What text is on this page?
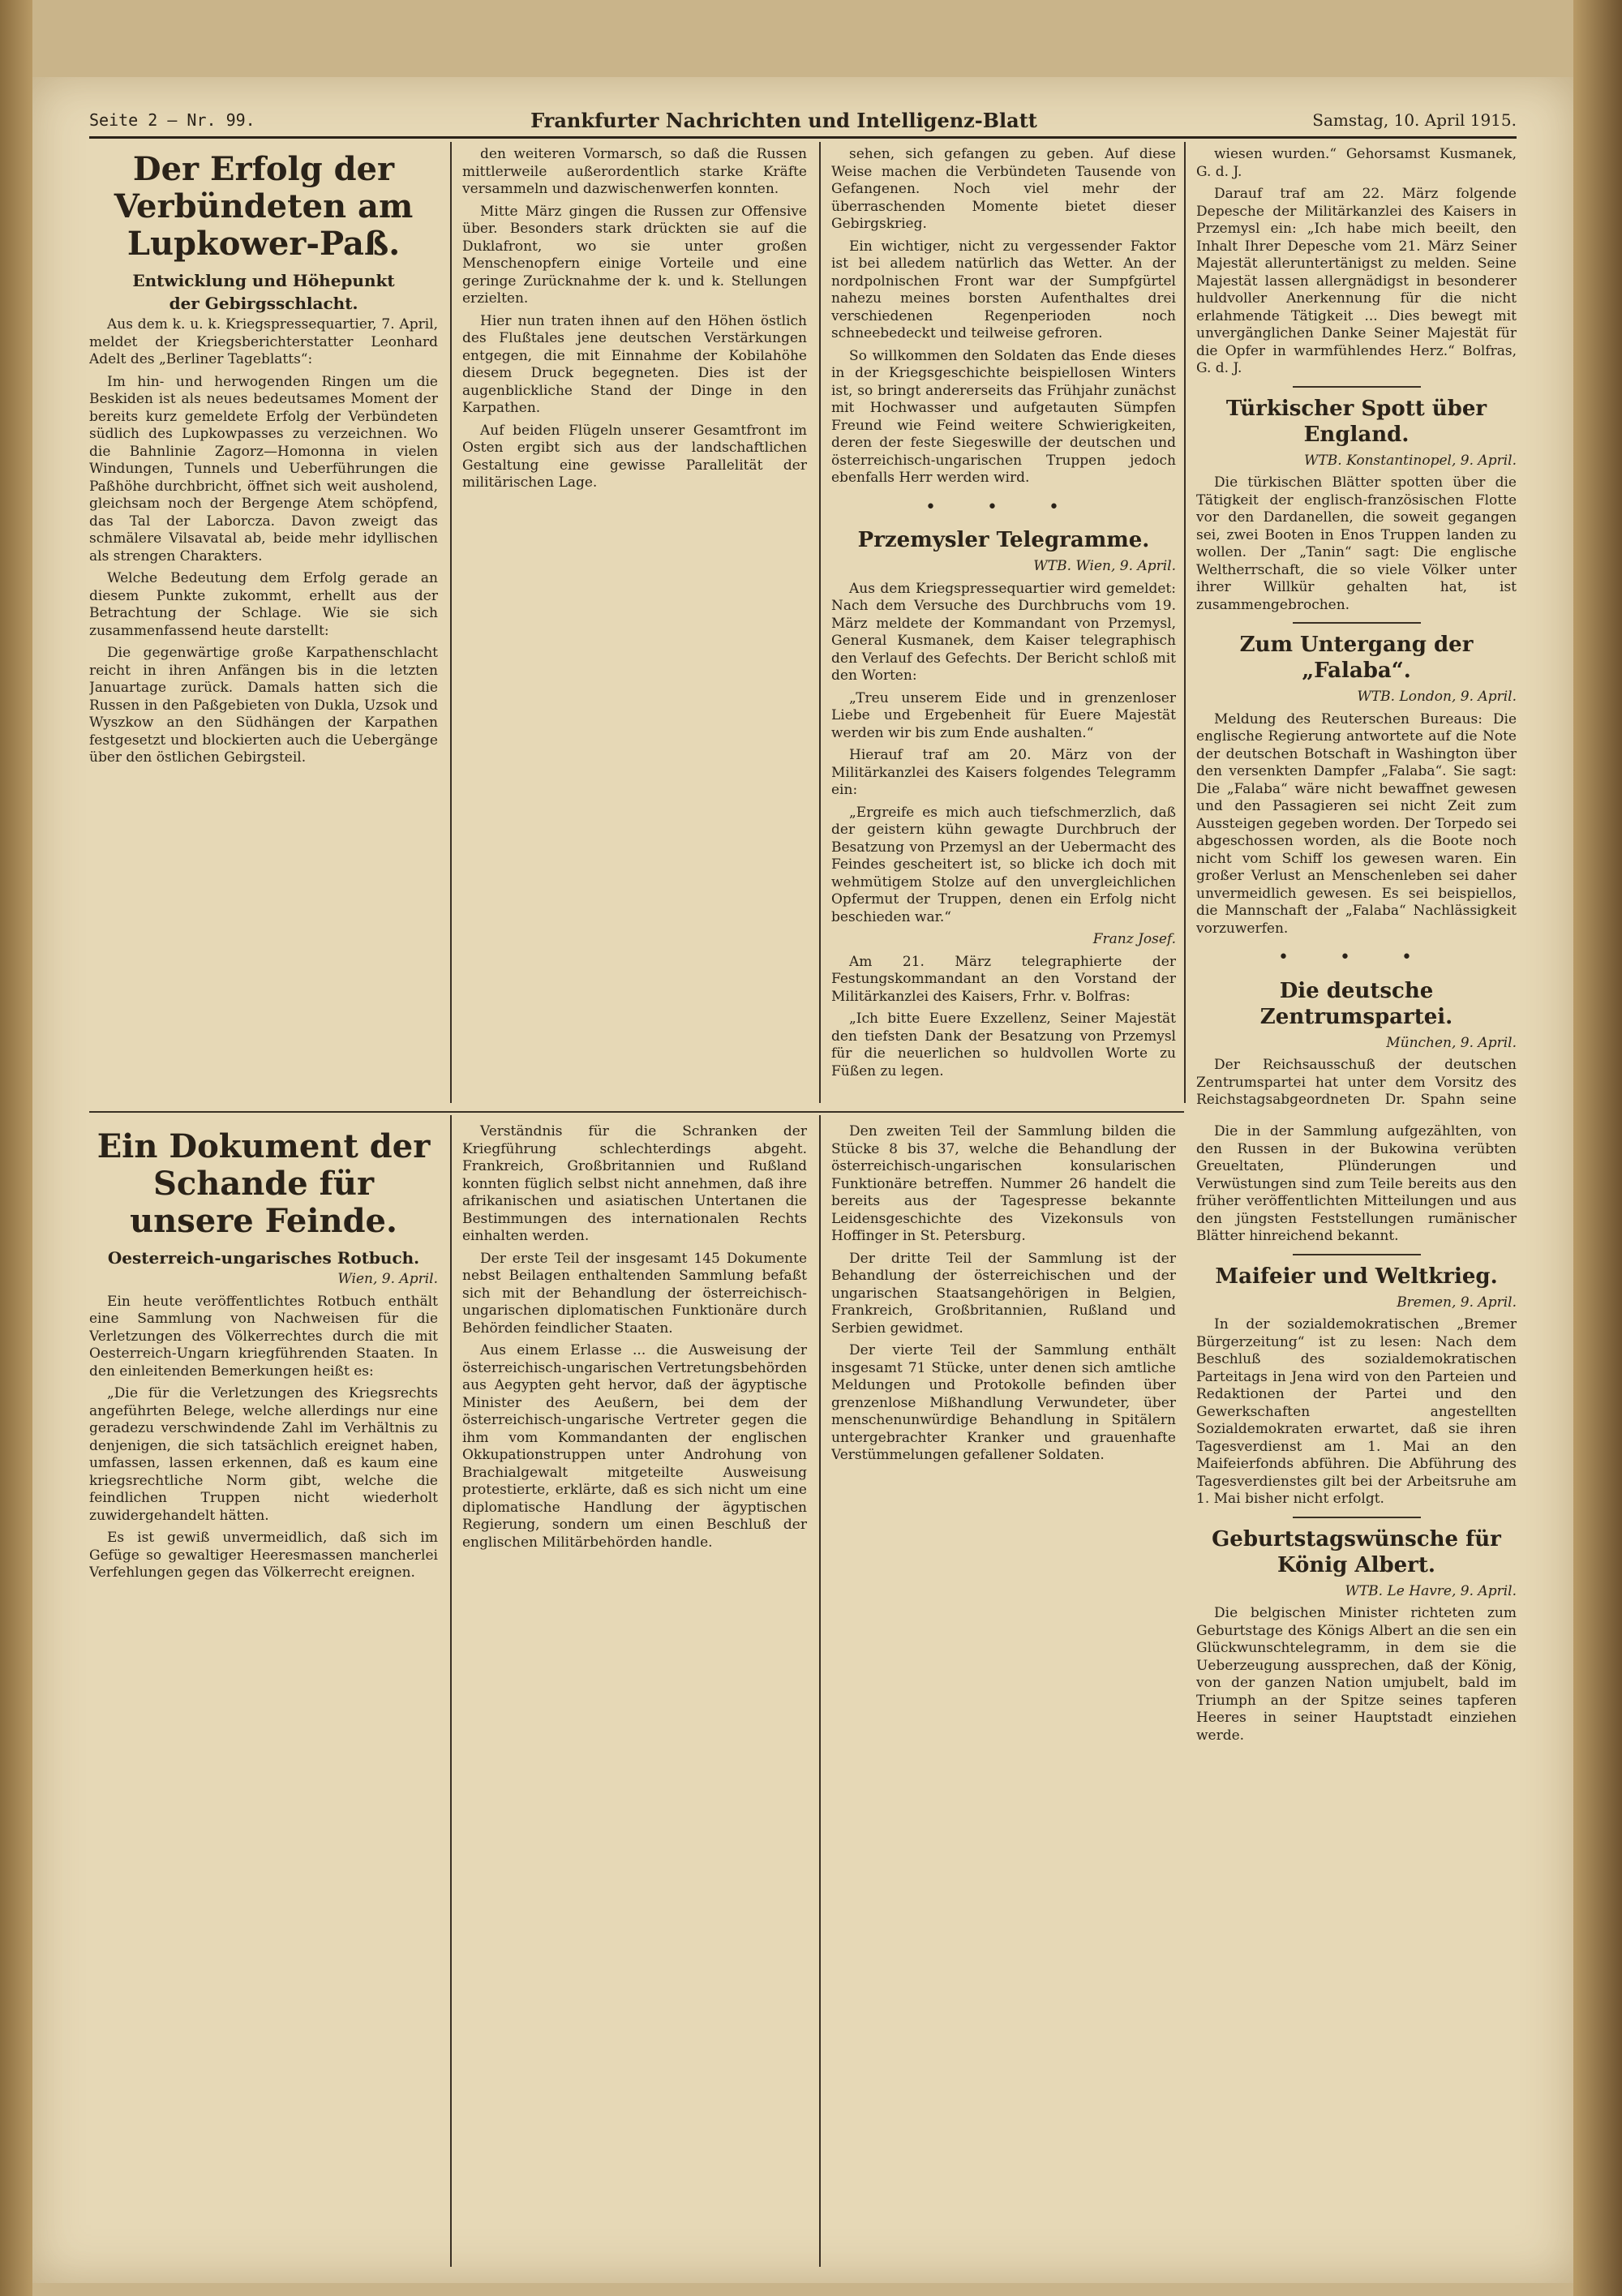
Seite 2 — Nr. 99.	Frankfurter Nachrichten und Intelligenz-Blatt	Samstag, 10. April 1915.
Der Erfolg der Verbündeten am Lupkower-Paß.
Entwicklung und Höhepunkt
der Gebirgsschlacht.

Aus dem k. u. k. Kriegspressequartier, 7. April, meldet der Kriegsberichterstatter Leonhard Adelt des „Berliner Tageblatts“:

Im hin- und herwogenden Ringen um die Beskiden ist als neues bedeutsames Moment der bereits kurz gemeldete Erfolg der Verbündeten südlich des Lupkowpasses zu verzeichnen. Wo die Bahnlinie Zagorz—Homonna in vielen Windungen, Tunnels und Ueberführungen die Paßhöhe durchbricht, öffnet sich weit ausholend, gleichsam noch der Bergenge Atem schöpfend, das Tal der Laborcza. Davon zweigt das schmälere Vilsavatal ab, beide mehr idyllischen als strengen Charakters.

Welche Bedeutung dem Erfolg gerade an diesem Punkte zukommt, erhellt aus der Betrachtung der Schlage. Wie sie sich zusammenfassend heute darstellt:

Die gegenwärtige große Karpathenschlacht reicht in ihren Anfängen bis in die letzten Januartage zurück. Damals hatten sich die Russen in den Paßgebieten von Dukla, Uzsok und Wyszkow an den Südhängen der Karpathen festgesetzt und blockierten auch die Uebergänge über den östlichen Gebirgsteil.

den weiteren Vormarsch, so daß die Russen mittlerweile außerordentlich starke Kräfte versammeln und dazwischenwerfen konnten.

Mitte März gingen die Russen zur Offensive über. Besonders stark drückten sie auf die Duklafront, wo sie unter großen Menschenopfern einige Vorteile und eine geringe Zurücknahme der k. und k. Stellungen erzielten.

Hier nun traten ihnen auf den Höhen östlich des Flußtales jene deutschen Verstärkungen entgegen, die mit Einnahme der Kobilahöhe diesem Druck begegneten. Dies ist der augenblickliche Stand der Dinge in den Karpathen.

Auf beiden Flügeln unserer Gesamtfront im Osten ergibt sich aus der landschaftlichen Gestaltung eine gewisse Parallelität der militärischen Lage.

sehen, sich gefangen zu geben. Auf diese Weise machen die Verbündeten Tausende von Gefangenen. Noch viel mehr der überraschenden Momente bietet dieser Gebirgskrieg.

Ein wichtiger, nicht zu vergessender Faktor ist bei alledem natürlich das Wetter. An der nordpolnischen Front war der Sumpfgürtel nahezu meines borsten Aufenthaltes drei verschiedenen Regenperioden noch schneebedeckt und teilweise gefroren.

So willkommen den Soldaten das Ende dieses in der Kriegsgeschichte beispiellosen Winters ist, so bringt andererseits das Frühjahr zunächst mit Hochwasser und aufgetauten Sümpfen Freund wie Feind weitere Schwierigkeiten, deren der feste Siegeswille der deutschen und österreichisch-ungarischen Truppen jedoch ebenfalls Herr werden wird.

• • •
Przemysler Telegramme.
WTB. Wien, 9. April.

Aus dem Kriegspressequartier wird gemeldet: Nach dem Versuche des Durchbruchs vom 19. März meldete der Kommandant von Przemysl, General Kusmanek, dem Kaiser telegraphisch den Verlauf des Gefechts. Der Bericht schloß mit den Worten:

„Treu unserem Eide und in grenzenloser Liebe und Ergebenheit für Euere Majestät werden wir bis zum Ende aushalten.“

Hierauf traf am 20. März von der Militärkanzlei des Kaisers folgendes Telegramm ein:

„Ergreife es mich auch tiefschmerzlich, daß der geistern kühn gewagte Durchbruch der Besatzung von Przemysl an der Uebermacht des Feindes gescheitert ist, so blicke ich doch mit wehmütigem Stolze auf den unvergleichlichen Opfermut der Truppen, denen ein Erfolg nicht beschieden war.“

Franz Josef.

Am 21. März telegraphierte der Festungskommandant an den Vorstand der Militärkanzlei des Kaisers, Frhr. v. Bolfras:

„Ich bitte Euere Exzellenz, Seiner Majestät den tiefsten Dank der Besatzung von Przemysl für die neuerlichen so huldvollen Worte zu Füßen zu legen.

wiesen wurden.“ Gehorsamst Kusmanek, G. d. J.

Darauf traf am 22. März folgende Depesche der Militärkanzlei des Kaisers in Przemysl ein: „Ich habe mich beeilt, den Inhalt Ihrer Depesche vom 21. März Seiner Majestät alleruntertänigst zu melden. Seine Majestät lassen allergnädigst in besonderer huldvoller Anerkennung für die nicht erlahmende Tätigkeit ... Dies bewegt mit unvergänglichen Danke Seiner Majestät für die Opfer in warmfühlendes Herz.“ Bolfras, G. d. J.

Türkischer Spott über England.
WTB. Konstantinopel, 9. April.

Die türkischen Blätter spotten über die Tätigkeit der englisch-französischen Flotte vor den Dardanellen, die soweit gegangen sei, zwei Booten in Enos Truppen landen zu wollen. Der „Tanin“ sagt: Die englische Weltherrschaft, die so viele Völker unter ihrer Willkür gehalten hat, ist zusammengebrochen.

Zum Untergang der „Falaba“.
WTB. London, 9. April.

Meldung des Reuterschen Bureaus: Die englische Regierung antwortete auf die Note der deutschen Botschaft in Washington über den versenkten Dampfer „Falaba“. Sie sagt: Die „Falaba“ wäre nicht bewaffnet gewesen und den Passagieren sei nicht Zeit zum Aussteigen gegeben worden. Der Torpedo sei abgeschossen worden, als die Boote noch nicht vom Schiff los gewesen waren. Ein großer Verlust an Menschenleben sei daher unvermeidlich gewesen. Es sei beispiellos, die Mannschaft der „Falaba“ Nachlässigkeit vorzuwerfen.

• • •
Die deutsche Zentrumspartei.
München, 9. April.

Der Reichsausschuß der deutschen Zentrumspartei hat unter dem Vorsitz des Reichstagsabgeordneten Dr. Spahn seine

Ein Dokument der Schande für unsere Feinde.
Oesterreich-ungarisches Rotbuch.
Wien, 9. April.

Ein heute veröffentlichtes Rotbuch enthält eine Sammlung von Nachweisen für die Verletzungen des Völkerrechtes durch die mit Oesterreich-Ungarn kriegführenden Staaten. In den einleitenden Bemerkungen heißt es:

„Die für die Verletzungen des Kriegsrechts angeführten Belege, welche allerdings nur eine geradezu verschwindende Zahl im Verhältnis zu denjenigen, die sich tatsächlich ereignet haben, umfassen, lassen erkennen, daß es kaum eine kriegsrechtliche Norm gibt, welche die feindlichen Truppen nicht wiederholt zuwidergehandelt hätten.

Es ist gewiß unvermeidlich, daß sich im Gefüge so gewaltiger Heeresmassen mancherlei Verfehlungen gegen das Völkerrecht ereignen.

Verständnis für die Schranken der Kriegführung schlechterdings abgeht. Frankreich, Großbritannien und Rußland konnten füglich selbst nicht annehmen, daß ihre afrikanischen und asiatischen Untertanen die Bestimmungen des internationalen Rechts einhalten werden.

Der erste Teil der insgesamt 145 Dokumente nebst Beilagen enthaltenden Sammlung befaßt sich mit der Behandlung der österreichisch-ungarischen diplomatischen Funktionäre durch Behörden feindlicher Staaten.

Aus einem Erlasse ... die Ausweisung der österreichisch-ungarischen Vertretungsbehörden aus Aegypten geht hervor, daß der ägyptische Minister des Aeußern, bei dem der österreichisch-ungarische Vertreter gegen die ihm vom Kommandanten der englischen Okkupationstruppen unter Androhung von Brachialgewalt mitgeteilte Ausweisung protestierte, erklärte, daß es sich nicht um eine diplomatische Handlung der ägyptischen Regierung, sondern um einen Beschluß der englischen Militärbehörden handle.

Den zweiten Teil der Sammlung bilden die Stücke 8 bis 37, welche die Behandlung der österreichisch-ungarischen konsularischen Funktionäre betreffen. Nummer 26 handelt die bereits aus der Tagespresse bekannte Leidensgeschichte des Vizekonsuls von Hoffinger in St. Petersburg.

Der dritte Teil der Sammlung ist der Behandlung der österreichischen und der ungarischen Staatsangehörigen in Belgien, Frankreich, Großbritannien, Rußland und Serbien gewidmet.

Der vierte Teil der Sammlung enthält insgesamt 71 Stücke, unter denen sich amtliche Meldungen und Protokolle befinden über grenzenlose Mißhandlung Verwundeter, über menschenunwürdige Behandlung in Spitälern untergebrachter Kranker und grauenhafte Verstümmelungen gefallener Soldaten.

Die in der Sammlung aufgezählten, von den Russen in der Bukowina verübten Greueltaten, Plünderungen und Verwüstungen sind zum Teile bereits aus den früher veröffentlichten Mitteilungen und aus den jüngsten Feststellungen rumänischer Blätter hinreichend bekannt.

Maifeier und Weltkrieg.
Bremen, 9. April.

In der sozialdemokratischen „Bremer Bürgerzeitung“ ist zu lesen: Nach dem Beschluß des sozialdemokratischen Parteitags in Jena wird von den Parteien und Redaktionen der Partei und den Gewerkschaften angestellten Sozialdemokraten erwartet, daß sie ihren Tagesverdienst am 1. Mai an den Maifeierfonds abführen. Die Abführung des Tagesverdienstes gilt bei der Arbeitsruhe am 1. Mai bisher nicht erfolgt.

Geburtstagswünsche für König Albert.
WTB. Le Havre, 9. April.

Die belgischen Minister richteten zum Geburtstage des Königs Albert an die sen ein Glückwunschtelegramm, in dem sie die Ueberzeugung aussprechen, daß der König, von der ganzen Nation umjubelt, bald im Triumph an der Spitze seines tapferen Heeres in seiner Hauptstadt einziehen werde.
